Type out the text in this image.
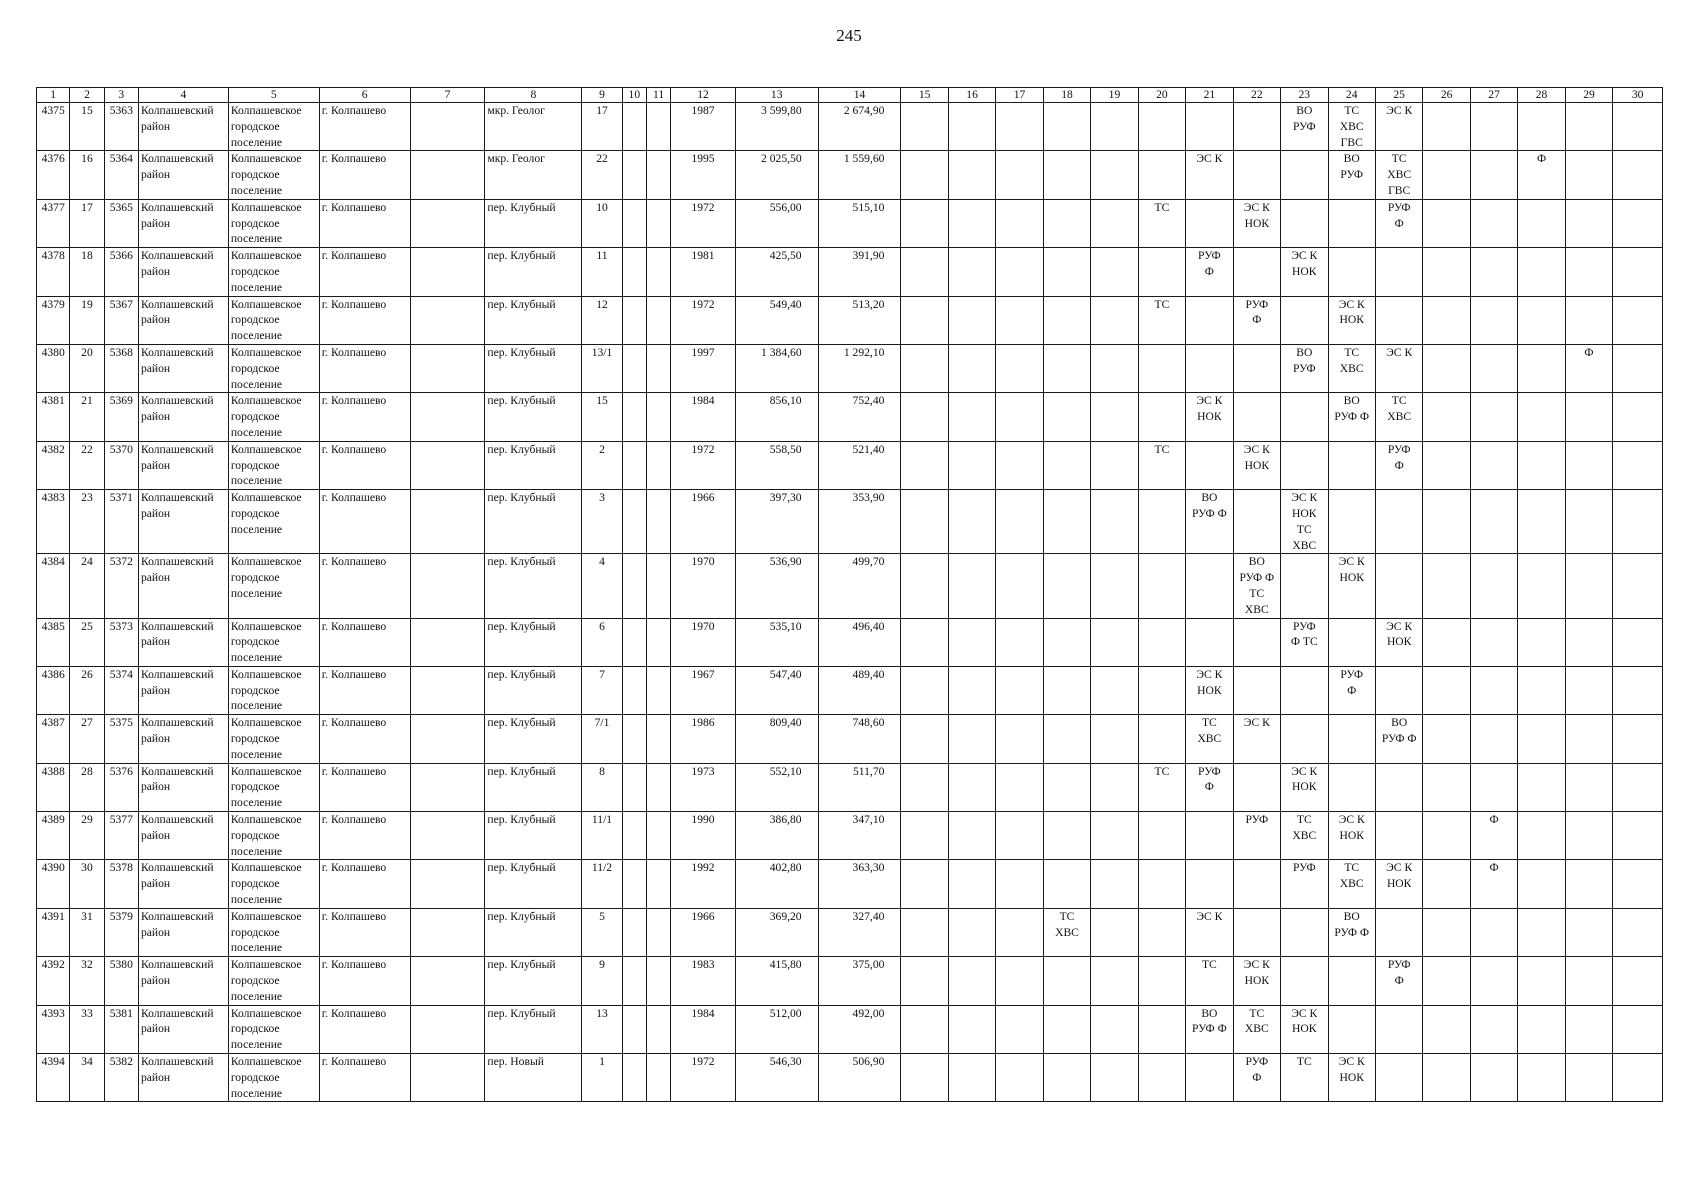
245
1	2	3	4	5	6	7	8	9	10	11	12	13	14	15	16	17	18	19	20	21	22	23	24	25	26	27	28	29	30
4375	15	5363	Колпашевский район	Колпашевское городское поселение	г. Колпашево		мкр. Геолог	17			1987	3 599,80	2 674,90									ВО
РУФ	ТС
ХВС
ГВС	ЭС К					
4376	16	5364	Колпашевский район	Колпашевское городское поселение	г. Колпашево		мкр. Геолог	22			1995	2 025,50	1 559,60							ЭС К			ВО
РУФ	ТС
ХВС
ГВС			Ф		
4377	17	5365	Колпашевский район	Колпашевское городское поселение	г. Колпашево		пер. Клубный	10			1972	556,00	515,10						ТС		ЭС К
НОК			РУФ
Ф					
4378	18	5366	Колпашевский район	Колпашевское городское поселение	г. Колпашево		пер. Клубный	11			1981	425,50	391,90							РУФ
Ф		ЭС К
НОК							
4379	19	5367	Колпашевский район	Колпашевское городское поселение	г. Колпашево		пер. Клубный	12			1972	549,40	513,20						ТС		РУФ
Ф		ЭС К
НОК						
4380	20	5368	Колпашевский район	Колпашевское городское поселение	г. Колпашево		пер. Клубный	13/1			1997	1 384,60	1 292,10									ВО
РУФ	ТС
ХВС	ЭС К				Ф	
4381	21	5369	Колпашевский район	Колпашевское городское поселение	г. Колпашево		пер. Клубный	15			1984	856,10	752,40							ЭС К
НОК			ВО
РУФ Ф	ТС
ХВС					
4382	22	5370	Колпашевский район	Колпашевское городское поселение	г. Колпашево		пер. Клубный	2			1972	558,50	521,40						ТС		ЭС К
НОК			РУФ
Ф					
4383	23	5371	Колпашевский район	Колпашевское городское поселение	г. Колпашево		пер. Клубный	3			1966	397,30	353,90							ВО
РУФ Ф		ЭС К
НОК
ТС
ХВС							
4384	24	5372	Колпашевский район	Колпашевское городское поселение	г. Колпашево		пер. Клубный	4			1970	536,90	499,70								ВО
РУФ Ф
ТС
ХВС		ЭС К
НОК						
4385	25	5373	Колпашевский район	Колпашевское городское поселение	г. Колпашево		пер. Клубный	6			1970	535,10	496,40									РУФ
Ф ТС		ЭС К
НОК					
4386	26	5374	Колпашевский район	Колпашевское городское поселение	г. Колпашево		пер. Клубный	7			1967	547,40	489,40							ЭС К
НОК			РУФ
Ф						
4387	27	5375	Колпашевский район	Колпашевское городское поселение	г. Колпашево		пер. Клубный	7/1			1986	809,40	748,60							ТС
ХВС	ЭС К			ВО
РУФ Ф					
4388	28	5376	Колпашевский район	Колпашевское городское поселение	г. Колпашево		пер. Клубный	8			1973	552,10	511,70						ТС	РУФ
Ф		ЭС К
НОК							
4389	29	5377	Колпашевский район	Колпашевское городское поселение	г. Колпашево		пер. Клубный	11/1			1990	386,80	347,10								РУФ	ТС
ХВС	ЭС К
НОК			Ф			
4390	30	5378	Колпашевский район	Колпашевское городское поселение	г. Колпашево		пер. Клубный	11/2			1992	402,80	363,30									РУФ	ТС
ХВС	ЭС К
НОК		Ф			
4391	31	5379	Колпашевский район	Колпашевское городское поселение	г. Колпашево		пер. Клубный	5			1966	369,20	327,40				ТС
ХВС			ЭС К			ВО
РУФ Ф						
4392	32	5380	Колпашевский район	Колпашевское городское поселение	г. Колпашево		пер. Клубный	9			1983	415,80	375,00							ТС	ЭС К
НОК			РУФ
Ф					
4393	33	5381	Колпашевский район	Колпашевское городское поселение	г. Колпашево		пер. Клубный	13			1984	512,00	492,00							ВО
РУФ Ф	ТС
ХВС	ЭС К
НОК							
4394	34	5382	Колпашевский район	Колпашевское городское поселение	г. Колпашево		пер. Новый	1			1972	546,30	506,90								РУФ
Ф	ТС	ЭС К
НОК						
